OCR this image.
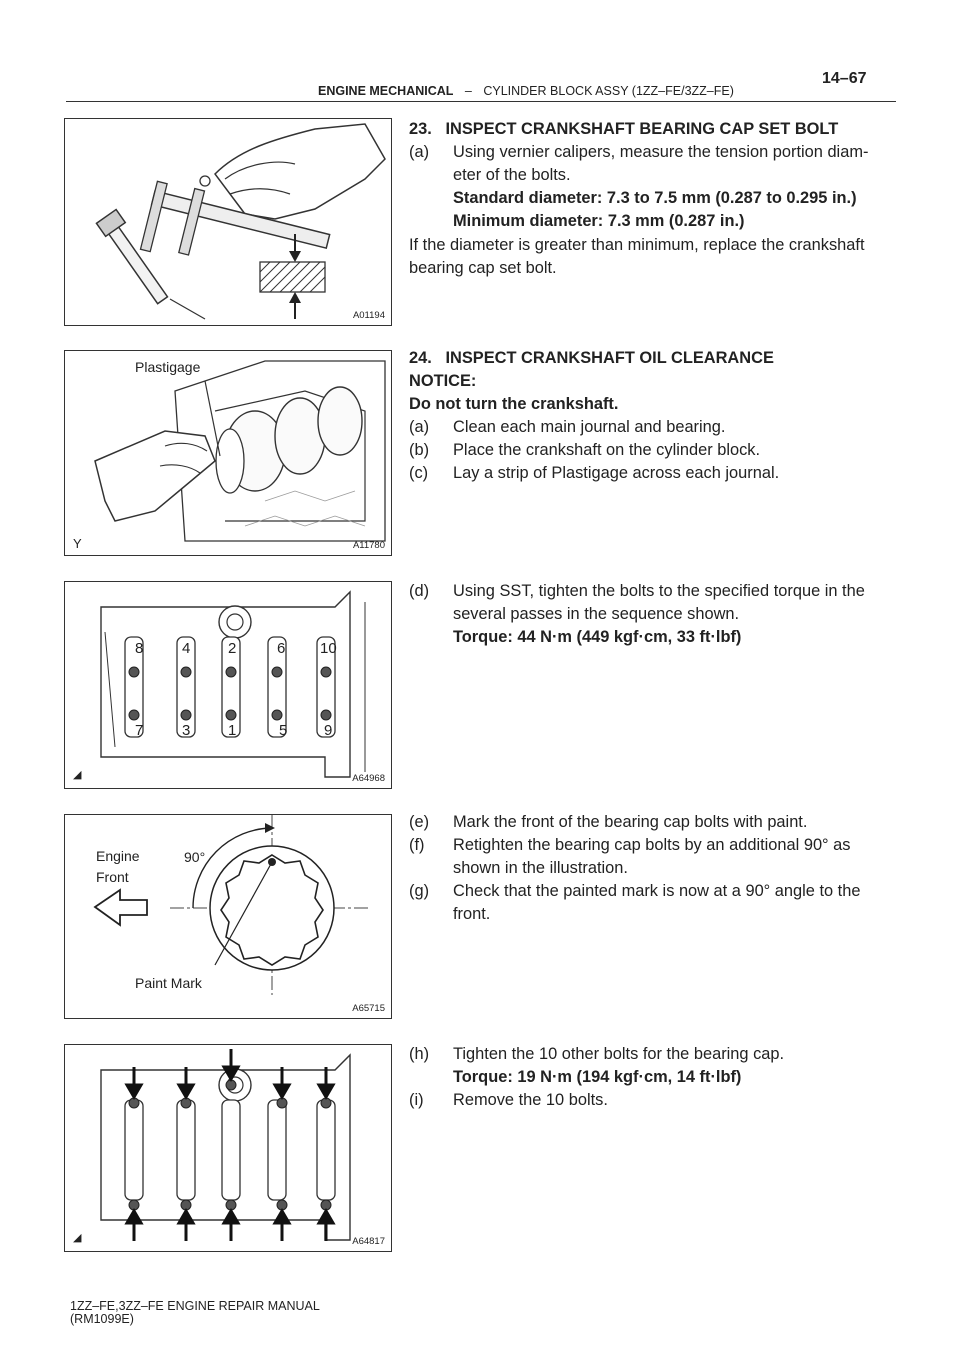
14–67
ENGINE MECHANICAL – CYLINDER BLOCK ASSY (1ZZ–FE/3ZZ–FE)
A01194
Plastigage
Y	A11780
8	4	2	6 10
7	3	1	5 9
◢	A64968
Engine
Front
90°
Paint Mark
A65715
◢	A64817
23.   INSPECT CRANKSHAFT BEARING CAP SET BOLT
(a) Using vernier calipers, measure the tension portion diam-
eter of the bolts.
Standard diameter: 7.3 to 7.5 mm (0.287 to 0.295 in.)
Minimum diameter: 7.3 mm (0.287 in.)
If the diameter is greater than minimum, replace the crankshaft
bearing cap set bolt.
24.   INSPECT CRANKSHAFT OIL CLEARANCE
NOTICE:
Do not turn the crankshaft.
(a) Clean each main journal and bearing.
(b) Place the crankshaft on the cylinder block.
(c) Lay a strip of Plastigage across each journal.
(d) Using SST, tighten the bolts to the specified torque in the
several passes in the sequence shown.
Torque: 44 N·m (449 kgf·cm, 33 ft·lbf)
(e) Mark the front of the bearing cap bolts with paint.
(f) Retighten the bearing cap bolts by an additional 90° as
shown in the illustration.
(g) Check that the painted mark is now at a 90° angle to the
front.
(h) Tighten the 10 other bolts for the bearing cap.
Torque: 19 N·m (194 kgf·cm, 14 ft·lbf)
(i) Remove the 10 bolts.
1ZZ–FE,3ZZ–FE ENGINE REPAIR MANUAL
(RM1099E)
